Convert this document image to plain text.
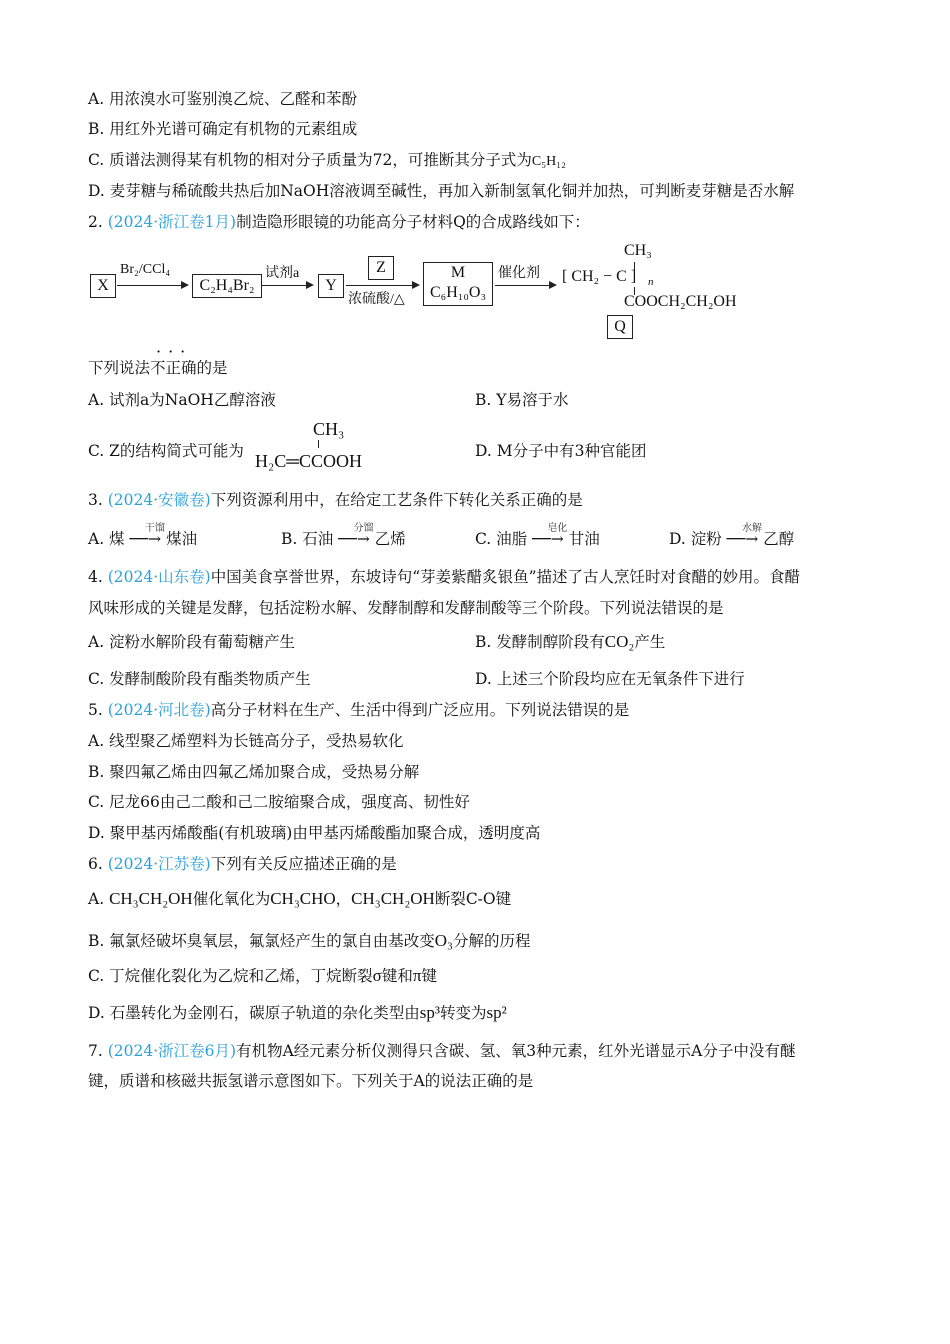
A. 用浓溴水可鉴别溴乙烷、乙醛和苯酚
B. 用红外光谱可确定有机物的元素组成
C. 质谱法测得某有机物的相对分子质量为72，可推断其分子式为C₅H₁₂
D. 麦芽糖与稀硫酸共热后加NaOH溶液调至碱性，再加入新制氢氧化铜并加热，可判断麦芽糖是否水解
2. (2024·浙江卷1月)制造隐形眼镜的功能高分子材料Q的合成路线如下：
X
Br₂/CCl₄
C₂H₄Br₂
试剂a
Y
Z
浓硫酸/△
M
C₆H₁₀O₃
催化剂
CH₃
[ CH₂ − C ] n
COOCH₂CH₂OH
Q
···
下列说法不正确的是
A. 试剂a为NaOH乙醇溶液	B. Y易溶于水
C. Z的结构简式可能为
CH₃
H₂C═CCOOH	D. M分子中有3种官能团
3. (2024·安徽卷)下列资源利用中，在给定工艺条件下转化关系正确的是
A. 煤 ─
干馏
─→ 煤油	B. 石油 ─
分馏
─→ 乙烯	C. 油脂 ─
皂化
─→ 甘油	D. 淀粉 ─
水解
─→ 乙醇
4. (2024·山东卷)中国美食享誉世界，东坡诗句“芽姜紫醋炙银鱼”描述了古人烹饪时对食醋的妙用。食醋
风味形成的关键是发酵，包括淀粉水解、发酵制醇和发酵制酸等三个阶段。下列说法错误的是
A. 淀粉水解阶段有葡萄糖产生	B. 发酵制醇阶段有CO₂产生
C. 发酵制酸阶段有酯类物质产生	D. 上述三个阶段均应在无氧条件下进行
5. (2024·河北卷)高分子材料在生产、生活中得到广泛应用。下列说法错误的是
A. 线型聚乙烯塑料为长链高分子，受热易软化
B. 聚四氟乙烯由四氟乙烯加聚合成，受热易分解
C. 尼龙66由己二酸和己二胺缩聚合成，强度高、韧性好
D. 聚甲基丙烯酸酯(有机玻璃)由甲基丙烯酸酯加聚合成，透明度高
6. (2024·江苏卷)下列有关反应描述正确的是
A. CH₃CH₂OH催化氧化为CH₃CHO，CH₃CH₂OH断裂C-O键
B. 氟氯烃破坏臭氧层，氟氯烃产生的氯自由基改变O₃分解的历程
C. 丁烷催化裂化为乙烷和乙烯，丁烷断裂σ键和π键
D. 石墨转化为金刚石，碳原子轨道的杂化类型由sp³转变为sp²
7. (2024·浙江卷6月)有机物A经元素分析仪测得只含碳、氢、氧3种元素，红外光谱显示A分子中没有醚
键，质谱和核磁共振氢谱示意图如下。下列关于A的说法正确的是
